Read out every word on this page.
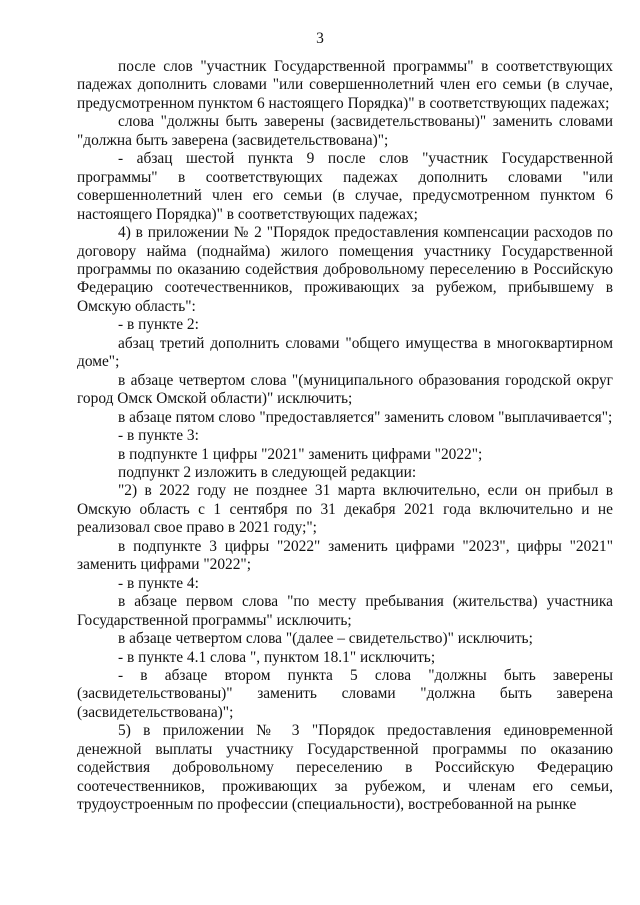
3

после слов "участник Государственной программы" в соответствующих падежах дополнить словами "или совершеннолетний член его семьи (в случае, предусмотренном пунктом 6 настоящего Порядка)" в соответствующих падежах;

слова "должны быть заверены (засвидетельствованы)" заменить словами "должна быть заверена (засвидетельствована)";

- абзац шестой пункта 9 после слов "участник Государственной программы" в соответствующих падежах дополнить словами "или совершеннолетний член его семьи (в случае, предусмотренном пунктом 6 настоящего Порядка)" в соответствующих падежах;

4) в приложении № 2 "Порядок предоставления компенсации расходов по договору найма (поднайма) жилого помещения участнику Государственной программы по оказанию содействия добровольному переселению в Российскую Федерацию соотечественников, проживающих за рубежом, прибывшему в Омскую область":

- в пункте 2:

абзац третий дополнить словами "общего имущества в многоквартирном доме";

в абзаце четвертом слова "(муниципального образования городской округ город Омск Омской области)" исключить;

в абзаце пятом слово "предоставляется" заменить словом "выплачивается";

- в пункте 3:

в подпункте 1 цифры "2021" заменить цифрами "2022";

подпункт 2 изложить в следующей редакции:

"2) в 2022 году не позднее 31 марта включительно, если он прибыл в Омскую область с 1 сентября по 31 декабря 2021 года включительно и не реализовал свое право в 2021 году;";

в подпункте 3 цифры "2022" заменить цифрами "2023", цифры "2021" заменить цифрами "2022";

- в пункте 4:

в абзаце первом слова "по месту пребывания (жительства) участника Государственной программы" исключить;

в абзаце четвертом слова "(далее – свидетельство)" исключить;

- в пункте 4.1 слова ", пунктом 18.1" исключить;

- в абзаце втором пункта 5 слова "должны быть заверены (засвидетельствованы)" заменить словами "должна быть заверена (засвидетельствована)";

5) в приложении № 3 "Порядок предоставления единовременной денежной выплаты участнику Государственной программы по оказанию содействия добровольному переселению в Российскую Федерацию соотечественников, проживающих за рубежом, и членам его семьи, трудоустроенным по профессии (специальности), востребованной на рынке
